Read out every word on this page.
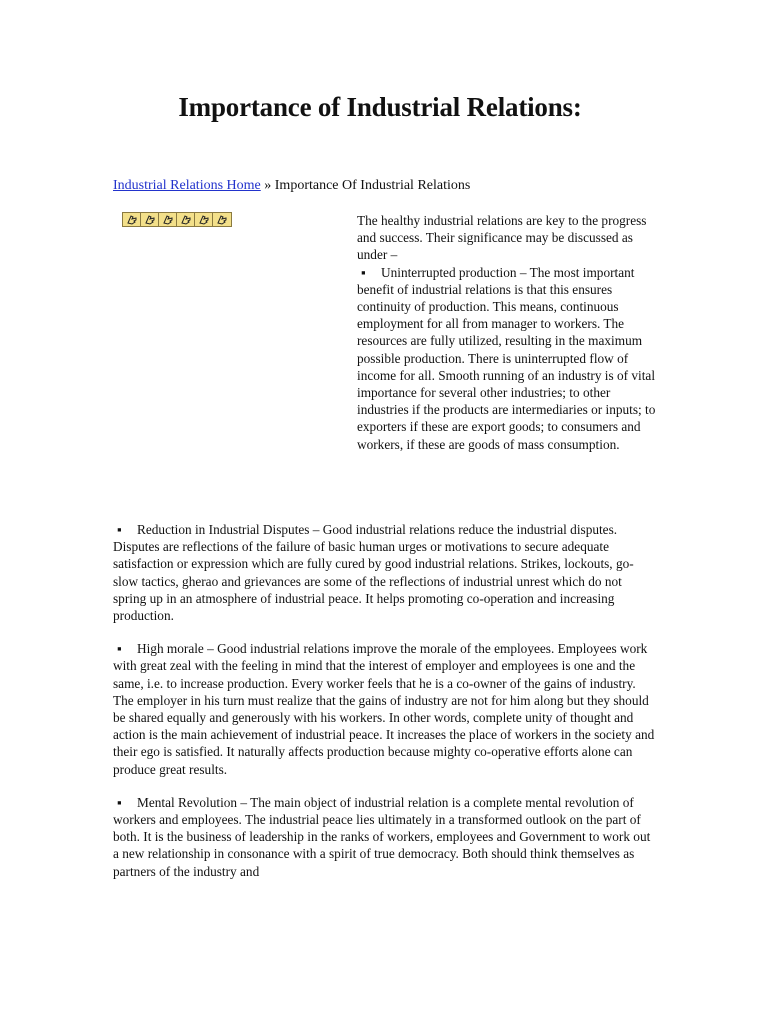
Importance of Industrial Relations:
Industrial Relations Home » Importance Of Industrial Relations

The healthy industrial relations are key to the progress and success. Their significance may be discussed as under –

▪ Uninterrupted production – The most important benefit of industrial relations is that this ensures continuity of production. This means, continuous employment for all from manager to workers. The resources are fully utilized, resulting in the maximum possible production. There is uninterrupted flow of income for all. Smooth running of an industry is of vital importance for several other industries; to other industries if the products are intermediaries or inputs; to exporters if these are export goods; to consumers and workers, if these are goods of mass consumption.

▪ Reduction in Industrial Disputes – Good industrial relations reduce the industrial disputes. Disputes are reflections of the failure of basic human urges or motivations to secure adequate satisfaction or expression which are fully cured by good industrial relations. Strikes, lockouts, go-slow tactics, gherao and grievances are some of the reflections of industrial unrest which do not spring up in an atmosphere of industrial peace. It helps promoting co-operation and increasing production.

▪ High morale – Good industrial relations improve the morale of the employees. Employees work with great zeal with the feeling in mind that the interest of employer and employees is one and the same, i.e. to increase production. Every worker feels that he is a co-owner of the gains of industry. The employer in his turn must realize that the gains of industry are not for him along but they should be shared equally and generously with his workers. In other words, complete unity of thought and action is the main achievement of industrial peace. It increases the place of workers in the society and their ego is satisfied. It naturally affects production because mighty co-operative efforts alone can produce great results.

▪ Mental Revolution – The main object of industrial relation is a complete mental revolution of workers and employees. The industrial peace lies ultimately in a transformed outlook on the part of both. It is the business of leadership in the ranks of workers, employees and Government to work out a new relationship in consonance with a spirit of true democracy. Both should think themselves as partners of the industry and
